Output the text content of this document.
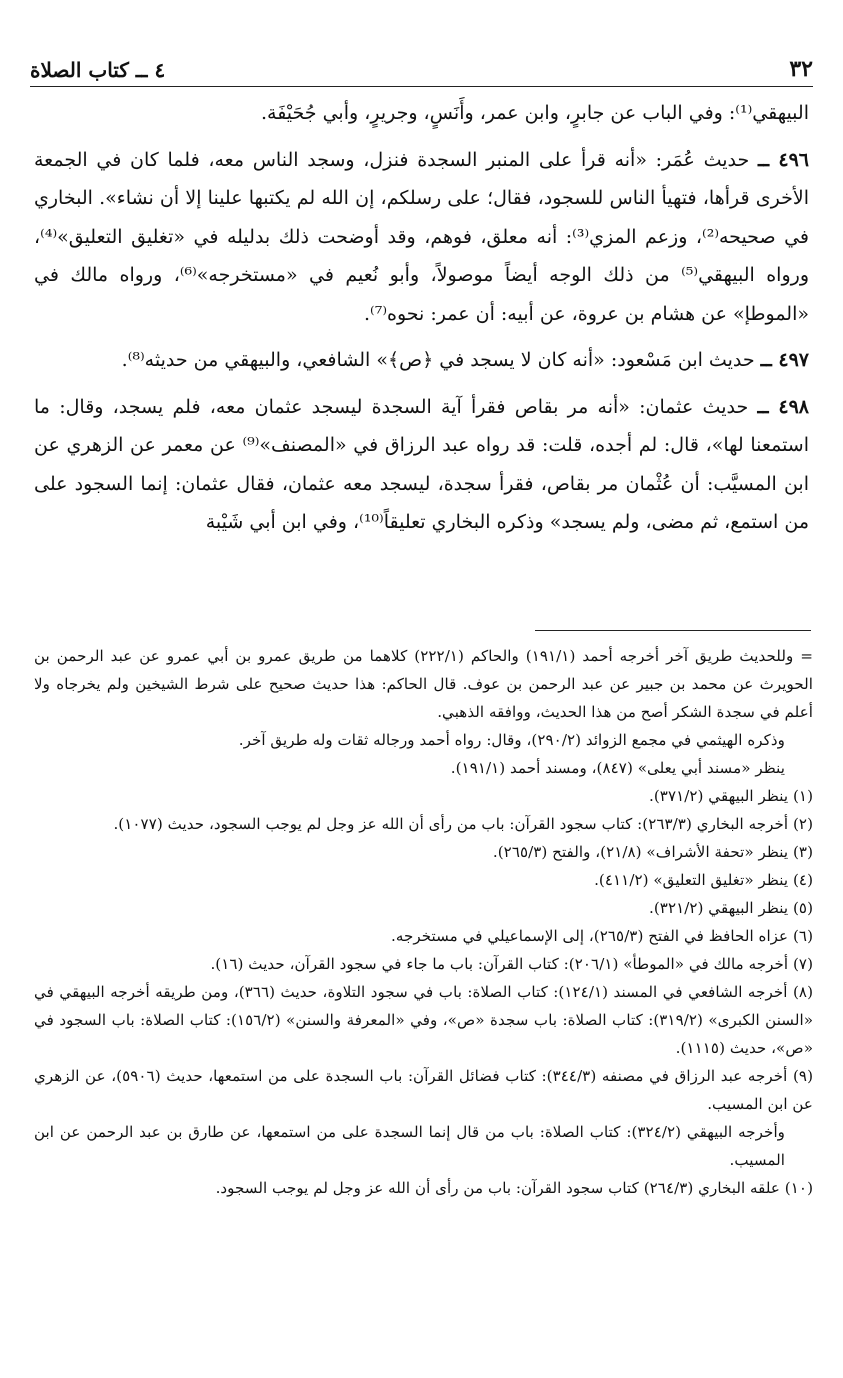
٣٢
٤ ــ كتاب الصلاة

البيهقي⁽¹⁾: وفي الباب عن جابرٍ، وابن عمر، وأَنَسٍ، وجريرٍ، وأبي جُحَيْفَة.

٤٩٦ ــ حديث عُمَر: «أنه قرأ على المنبر السجدة فنزل، وسجد الناس معه، فلما كان في الجمعة الأخرى قرأها، فتهيأ الناس للسجود، فقال؛ على رسلكم، إن الله لم يكتبها علينا إلا أن نشاء». البخاري في صحيحه⁽²⁾، وزعم المزي⁽³⁾: أنه معلق، فوهم، وقد أوضحت ذلك بدليله في «تغليق التعليق»⁽⁴⁾، ورواه البيهقي⁽⁵⁾ من ذلك الوجه أيضاً موصولاً، وأبو نُعيم في «مستخرجه»⁽⁶⁾، ورواه مالك في «الموطإ» عن هشام بن عروة، عن أبيه: أن عمر: نحوه⁽⁷⁾.

٤٩٧ ــ حديث ابن مَسْعود: «أنه كان لا يسجد في ﴿ص﴾» الشافعي، والبيهقي من حديثه⁽⁸⁾.

٤٩٨ ــ حديث عثمان: «أنه مر بقاص فقرأ آية السجدة ليسجد عثمان معه، فلم يسجد، وقال: ما استمعنا لها»، قال: لم أجده، قلت: قد رواه عبد الرزاق في «المصنف»⁽⁹⁾ عن معمر عن الزهري عن ابن المسيَّب: أن عُثْمان مر بقاص، فقرأ سجدة، ليسجد معه عثمان، فقال عثمان: إنما السجود على من استمع، ثم مضى، ولم يسجد» وذكره البخاري تعليقاً⁽¹⁰⁾، وفي ابن أبي شَيْبة

= وللحديث طريق آخر أخرجه أحمد (١٩١/١) والحاكم (٢٢٢/١) كلاهما من طريق عمرو بن أبي عمرو عن عبد الرحمن بن الحويرث عن محمد بن جبير عن عبد الرحمن بن عوف. قال الحاكم: هذا حديث صحيح على شرط الشيخين ولم يخرجاه ولا أعلم في سجدة الشكر أصح من هذا الحديث، ووافقه الذهبي.

وذكره الهيثمي في مجمع الزوائد (٢٩٠/٢)، وقال: رواه أحمد ورجاله ثقات وله طريق آخر.

ينظر «مسند أبي يعلى» (٨٤٧)، ومسند أحمد (١٩١/١).

(١) ينظر البيهقي (٣٧١/٢).

(٢) أخرجه البخاري (٢٦٣/٣): كتاب سجود القرآن: باب من رأى أن الله عز وجل لم يوجب السجود، حديث (١٠٧٧).

(٣) ينظر «تحفة الأشراف» (٢١/٨)، والفتح (٢٦٥/٣).

(٤) ينظر «تغليق التعليق» (٤١١/٢).

(٥) ينظر البيهقي (٣٢١/٢).

(٦) عزاه الحافظ في الفتح (٢٦٥/٣)، إلى الإسماعيلي في مستخرجه.

(٧) أخرجه مالك في «الموطأ» (٢٠٦/١): كتاب القرآن: باب ما جاء في سجود القرآن، حديث (١٦).

(٨) أخرجه الشافعي في المسند (١٢٤/١): كتاب الصلاة: باب في سجود التلاوة، حديث (٣٦٦)، ومن طريقه أخرجه البيهقي في «السنن الكبرى» (٣١٩/٢): كتاب الصلاة: باب سجدة «ص»، وفي «المعرفة والسنن» (١٥٦/٢): كتاب الصلاة: باب السجود في «ص»، حديث (١١١٥).

(٩) أخرجه عبد الرزاق في مصنفه (٣٤٤/٣): كتاب فضائل القرآن: باب السجدة على من استمعها، حديث (٥٩٠٦)، عن الزهري عن ابن المسيب.

وأخرجه البيهقي (٣٢٤/٢): كتاب الصلاة: باب من قال إنما السجدة على من استمعها، عن طارق بن عبد الرحمن عن ابن المسيب.

(١٠) علقه البخاري (٢٦٤/٣) كتاب سجود القرآن: باب من رأى أن الله عز وجل لم يوجب السجود.
